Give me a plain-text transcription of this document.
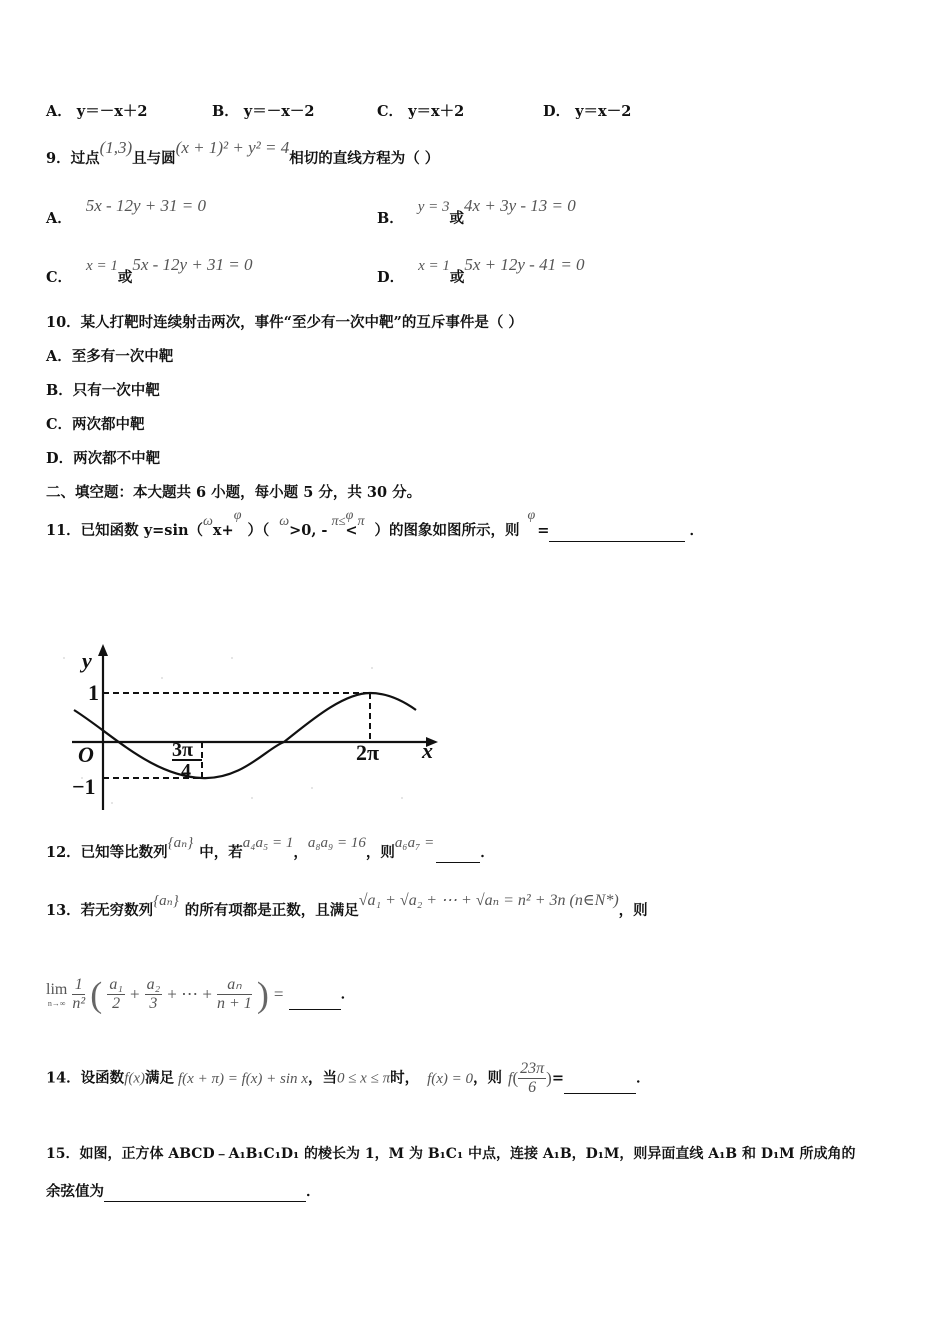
A． y＝－x＋2	B． y＝－x－2	C． y＝x＋2	D． y＝x－2
9．过点(1,3)且与圆(x + 1)² + y² = 4相切的直线方程为（ ）
A．5x - 12y + 31 = 0
B．y = 3或4x + 3y - 13 = 0
C．x = 1或5x - 12y + 31 = 0
D．x = 1或5x + 12y - 41 = 0
10．某人打靶时连续射击两次，事件“至少有一次中靶”的互斥事件是（ ）
A．至多有一次中靶
B．只有一次中靶
C．两次都中靶
D．两次都不中靶
二、填空题：本大题共 6 小题，每小题 5 分，共 30 分。
11．已知函数 y=sin（ωx+φ）（ω>0, -π≤φ<π）的图象如图所示，则φ=	．
y
x
1
−1
O	3π
4
2π
12．已知等比数列{aₙ}中，若a₄a₅ = 1，a₈a₉ = 16，则a₆a₇ =．
13．若无穷数列{aₙ}的所有项都是正数，且满足√a₁ + √a₂ + ⋯ + √aₙ = n² + 3n (n∈N*)，则
lim
n→∞
$\frac{1}{\text{n²}}$ ( $\frac{\text{a₁}}{2} + \frac{\text{a₂}}{3}$ + ⋯ + $\frac{\text{aₙ}}{n + 1}$ ) =	．
14．设函数f(x)满足 f(x + π) = f(x) + sin x，当0 ≤ x ≤ π时， f(x) = 0，则 $f( \frac{23\pi}{6}$ )=	．
15．如图，正方体 ABCD﹣A₁B₁C₁D₁ 的棱长为 1，M 为 B₁C₁ 中点，连接 A₁B，D₁M，则异面直线 A₁B 和 D₁M 所成角的
余弦值为	．
